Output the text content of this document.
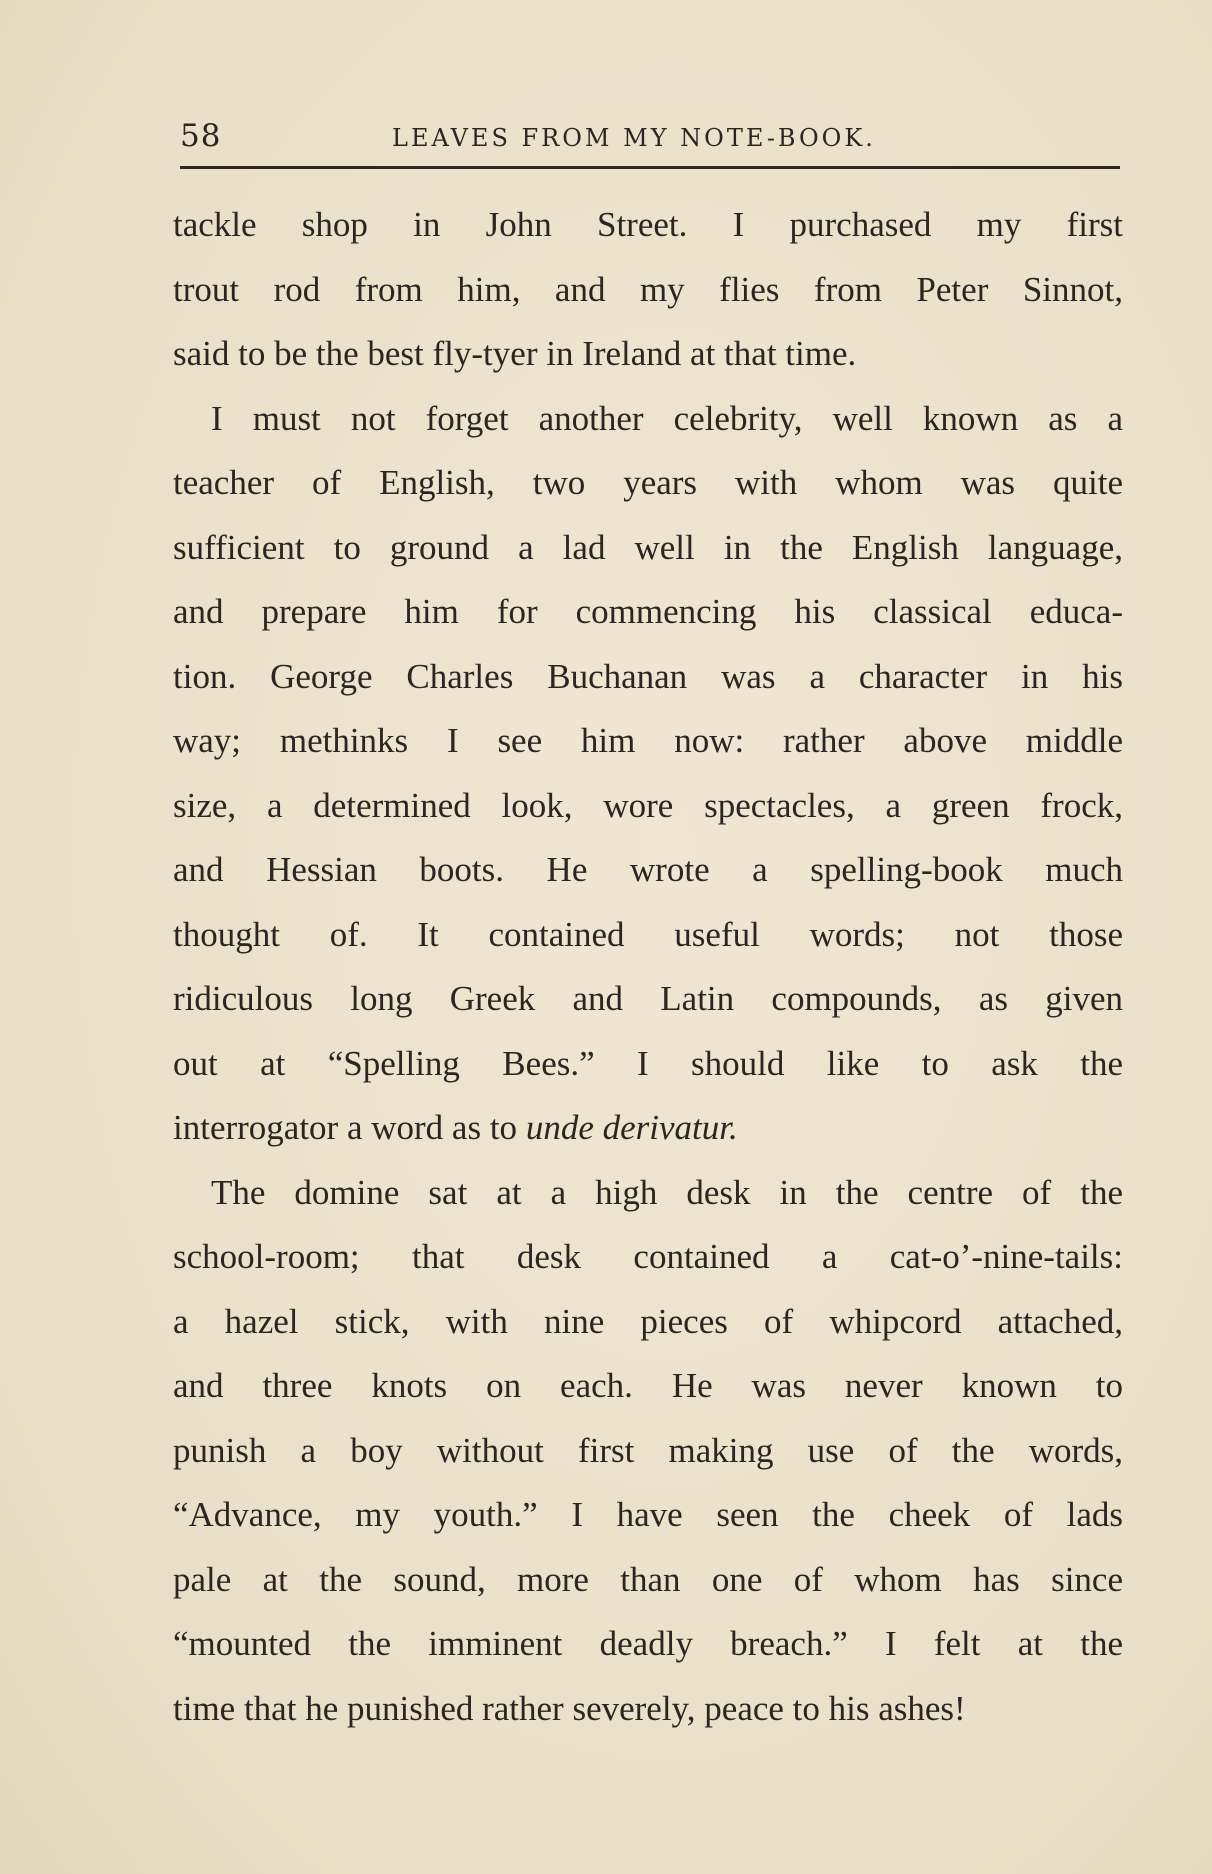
58	LEAVES FROM MY NOTE-BOOK.
tackle shop in John Street. I purchased my first
trout rod from him, and my flies from Peter Sinnot,
said to be the best fly-tyer in Ireland at that time.
I must not forget another celebrity, well known as a
teacher of English, two years with whom was quite
sufficient to ground a lad well in the English language,
and prepare him for commencing his classical educa-
tion. George Charles Buchanan was a character in his
way; methinks I see him now: rather above middle
size, a determined look, wore spectacles, a green frock,
and Hessian boots. He wrote a spelling-book much
thought of. It contained useful words; not those
ridiculous long Greek and Latin compounds, as given
out at “Spelling Bees.” I should like to ask the
interrogator a word as to unde derivatur.
The domine sat at a high desk in the centre of the
school-room; that desk contained a cat-o’-nine-tails:
a hazel stick, with nine pieces of whipcord attached,
and three knots on each. He was never known to
punish a boy without first making use of the words,
“Advance, my youth.” I have seen the cheek of lads
pale at the sound, more than one of whom has since
“mounted the imminent deadly breach.” I felt at the
time that he punished rather severely, peace to his ashes!
